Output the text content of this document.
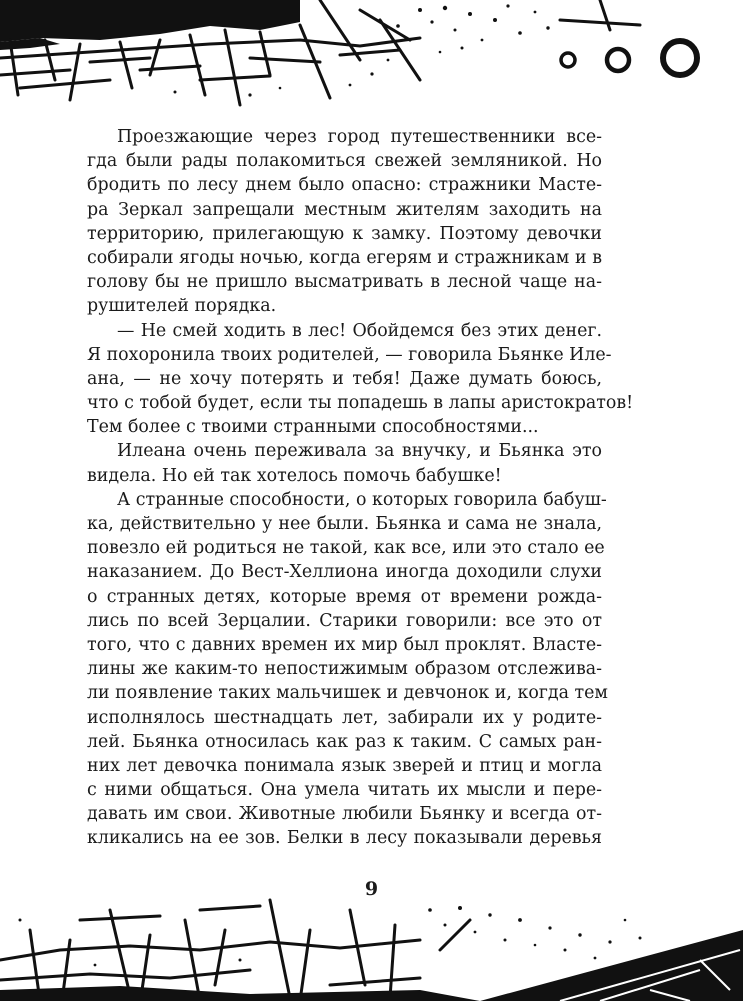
Проезжающие через город путешественники все-
гда были рады полакомиться свежей земляникой. Но
бродить по лесу днем было опасно: стражники Масте-
ра Зеркал запрещали местным жителям заходить на
территорию, прилегающую к замку. Поэтому девочки
собирали ягоды ночью, когда егерям и стражникам и в
голову бы не пришло высматривать в лесной чаще на-
рушителей порядка.
— Не смей ходить в лес! Обойдемся без этих денег.
Я похоронила твоих родителей, — говорила Бьянке Иле-
ана, — не хочу потерять и тебя! Даже думать боюсь,
что с тобой будет, если ты попадешь в лапы аристократов!
Тем более с твоими странными способностями...
Илеана очень переживала за внучку, и Бьянка это
видела. Но ей так хотелось помочь бабушке!
А странные способности, о которых говорила бабуш-
ка, действительно у нее были. Бьянка и сама не знала,
повезло ей родиться не такой, как все, или это стало ее
наказанием. До Вест-Хеллиона иногда доходили слухи
о странных детях, которые время от времени рожда-
лись по всей Зерцалии. Старики говорили: все это от
того, что с давних времен их мир был проклят. Власте-
лины же каким-то непостижимым образом отслежива-
ли появление таких мальчишек и девчонок и, когда тем
исполнялось шестнадцать лет, забирали их у родите-
лей. Бьянка относилась как раз к таким. С самых ран-
них лет девочка понимала язык зверей и птиц и могла
с ними общаться. Она умела читать их мысли и пере-
давать им свои. Животные любили Бьянку и всегда от-
кликались на ее зов. Белки в лесу показывали деревья
9
